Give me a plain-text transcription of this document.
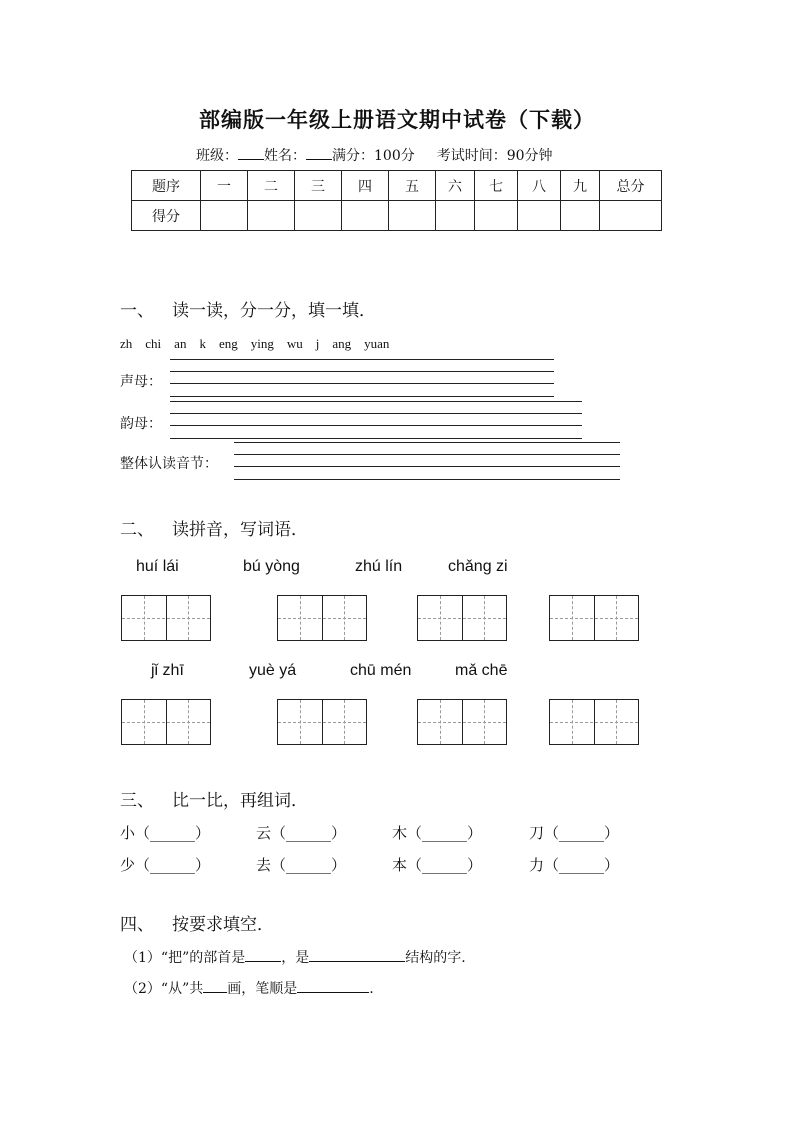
部编版一年级上册语文期中试卷（下载）
班级： 姓名： 满分：100分 考试时间：90分钟
题序	一	二	三	四	五	六	七	八	九	总分
得分										
一、 读一读，分一分，填一填．
zh chi an k eng ying wu j ang yuan
声母：
韵母：
整体认读音节：
二、 读拼音，写词语．
huí lái	bú yòng	zhú lín	chǎng zi
jǐ zhī	yuè yá	chū mén	mǎ chē
三、 比一比，再组词．
小（______）	云（______）	木（______）	刀（______）
少（______）	去（______）	本（______）	力（______）
四、 按要求填空．
（1）“把”的部首是	，是	结构的字.
（2）“从”共 画，笔顺是	.
